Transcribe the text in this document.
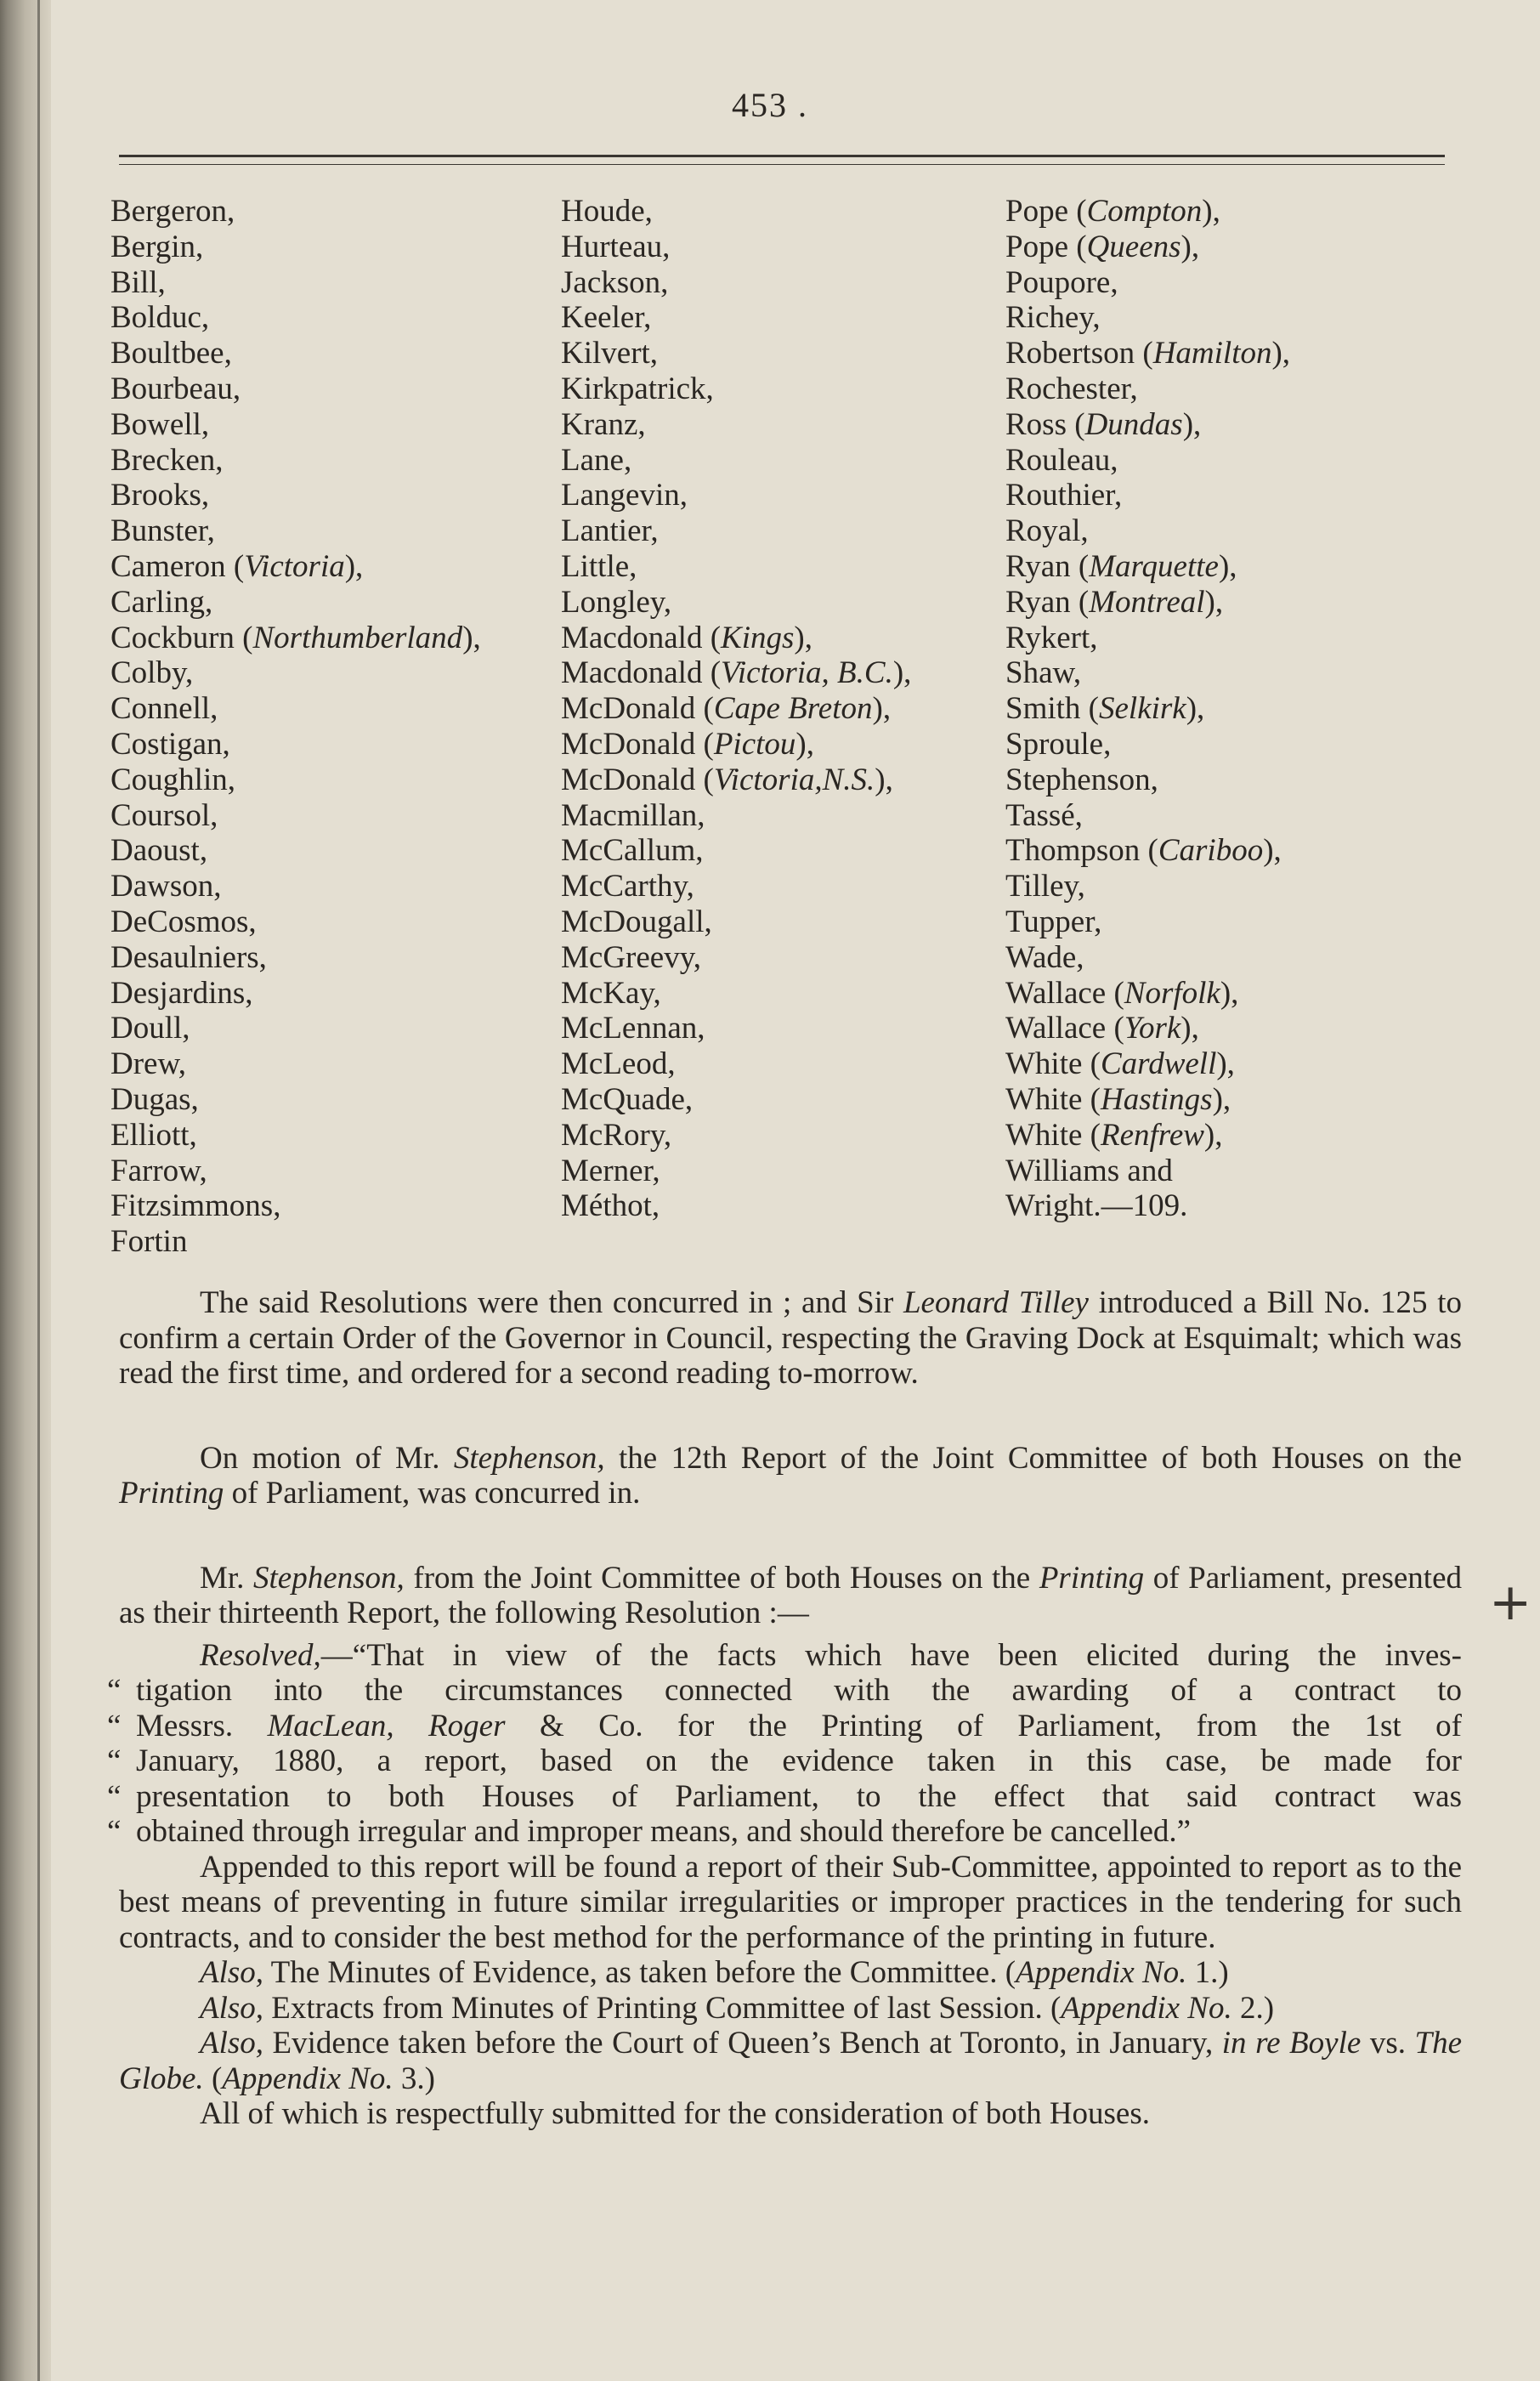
453 .
Bergeron,
Bergin,
Bill,
Bolduc,
Boultbee,
Bourbeau,
Bowell,
Brecken,
Brooks,
Bunster,
Cameron (Victoria),
Carling,
Cockburn (Northumberland),
Colby,
Connell,
Costigan,
Coughlin,
Coursol,
Daoust,
Dawson,
DeCosmos,
Desaulniers,
Desjardins,
Doull,
Drew,
Dugas,
Elliott,
Farrow,
Fitzsimmons,
Fortin
Houde,
Hurteau,
Jackson,
Keeler,
Kilvert,
Kirkpatrick,
Kranz,
Lane,
Langevin,
Lantier,
Little,
Longley,
Macdonald (Kings),
Macdonald (Victoria, B.C.),
McDonald (Cape Breton),
McDonald (Pictou),
McDonald (Victoria,N.S.),
Macmillan,
McCallum,
McCarthy,
McDougall,
McGreevy,
McKay,
McLennan,
McLeod,
McQuade,
McRory,
Merner,
Méthot,
Pope (Compton),
Pope (Queens),
Poupore,
Richey,
Robertson (Hamilton),
Rochester,
Ross (Dundas),
Rouleau,
Routhier,
Royal,
Ryan (Marquette),
Ryan (Montreal),
Rykert,
Shaw,
Smith (Selkirk),
Sproule,
Stephenson,
Tassé,
Thompson (Cariboo),
Tilley,
Tupper,
Wade,
Wallace (Norfolk),
Wallace (York),
White (Cardwell),
White (Hastings),
White (Renfrew),
Williams and
Wright.—109.

The said Resolutions were then concurred in ; and Sir Leonard Tilley introduced a Bill No. 125 to confirm a certain Order of the Governor in Council, respecting the Graving Dock at Esquimalt; which was read the first time, and ordered for a second reading to-morrow.

On motion of Mr. Stephenson, the 12th Report of the Joint Committee of both Houses on the Printing of Parliament, was concurred in.

Mr. Stephenson, from the Joint Committee of both Houses on the Printing of Parliament, presented as their thirteenth Report, the following Resolution :—

Resolved,—“That in view of the facts which have been elicited during the inves-
“ tigation into the circumstances connected with the awarding of a contract to
“ Messrs. MacLean, Roger & Co. for the Printing of Parliament, from the 1st of
“ January, 1880, a report, based on the evidence taken in this case, be made for
“ presentation to both Houses of Parliament, to the effect that said contract was
“ obtained through irregular and improper means, and should therefore be cancelled.”

Appended to this report will be found a report of their Sub-Committee, appointed to report as to the best means of preventing in future similar irregularities or improper practices in the tendering for such contracts, and to consider the best method for the performance of the printing in future.

Also, The Minutes of Evidence, as taken before the Committee. (Appendix No. 1.)

Also, Extracts from Minutes of Printing Committee of last Session. (Appendix No. 2.)

Also, Evidence taken before the Court of Queen’s Bench at Toronto, in January, in re Boyle vs. The Globe. (Appendix No. 3.)

All of which is respectfully submitted for the consideration of both Houses.

+
